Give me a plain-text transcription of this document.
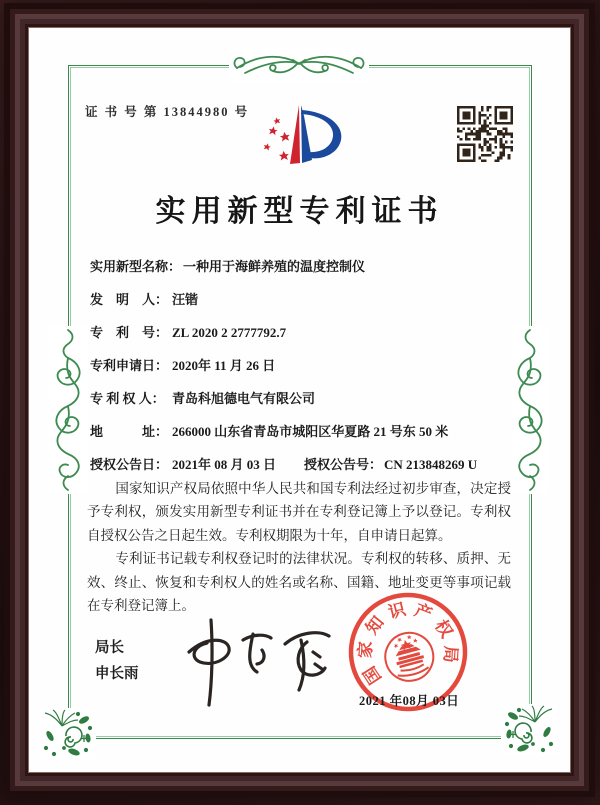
证 书 号 第 13844980 号
实用新型专利证书
实用新型名称： 一种用于海鲜养殖的温度控制仪
发　明　人： 汪锴
专　利　号： ZL 2020 2 2777792.7
专利申请日： 2020年 11 月 26 日
专 利 权 人： 青岛科旭德电气有限公司
地　　　址： 266000 山东省青岛市城阳区华夏路 21 号东 50 米
授权公告日： 2021年 08 月 03 日 授权公告号： CN 213848269 U

国家知识产权局依照中华人民共和国专利法经过初步审查，决定授予专利权，颁发实用新型专利证书并在专利登记簿上予以登记。专利权自授权公告之日起生效。专利权期限为十年，自申请日起算。

专利证书记载专利权登记时的法律状况。专利权的转移、质押、无效、终止、恢复和专利权人的姓名或名称、国籍、地址变更等事项记载在专利登记簿上。

局长
申长雨	国
家
知
识 产
权
局
2021 年08月 03日
